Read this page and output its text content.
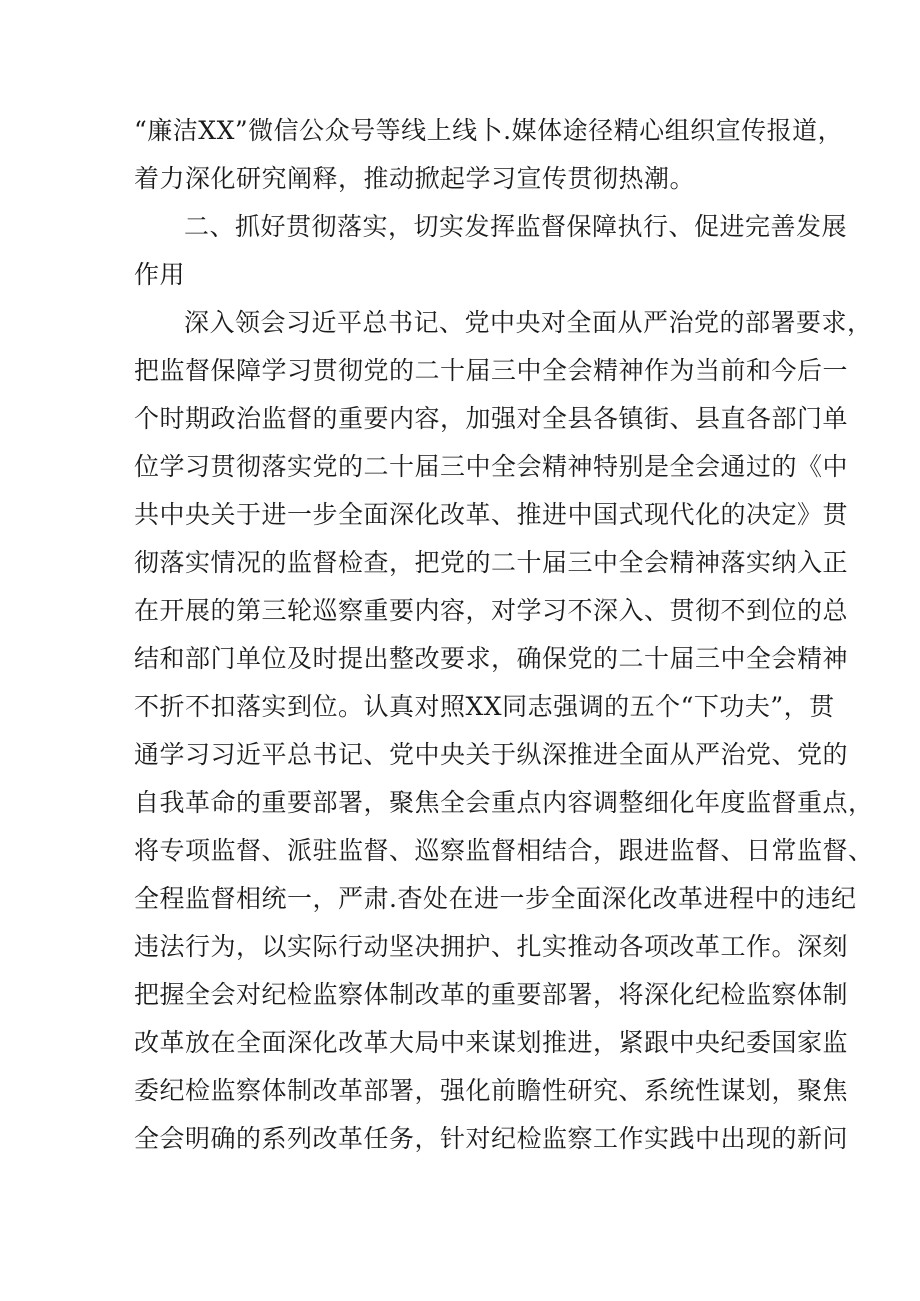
“廉洁XX”微信公众号等线上线卜.媒体途径精心组织宣传报道，
着力深化研究阐释，推动掀起学习宣传贯彻热潮。
二、抓好贯彻落实，切实发挥监督保障执行、促进完善发展
作用
深入领会习近平总书记、党中央对全面从严治党的部署要求，
把监督保障学习贯彻党的二十届三中全会精神作为当前和今后一
个时期政治监督的重要内容，加强对全县各镇街、县直各部门单
位学习贯彻落实党的二十届三中全会精神特别是全会通过的《中
共中央关于进一步全面深化改革、推进中国式现代化的决定》贯
彻落实情况的监督检查，把党的二十届三中全会精神落实纳入正
在开展的第三轮巡察重要内容，对学习不深入、贯彻不到位的总
结和部门单位及时提出整改要求，确保党的二十届三中全会精神
不折不扣落实到位。认真对照XX同志强调的五个“下功夫”，贯
通学习习近平总书记、党中央关于纵深推进全面从严治党、党的
自我革命的重要部署，聚焦全会重点内容调整细化年度监督重点，
将专项监督、派驻监督、巡察监督相结合，跟进监督、日常监督、
全程监督相统一，严肃.杳处在进一步全面深化改革进程中的违纪
违法行为，以实际行动坚决拥护、扎实推动各项改革工作。深刻
把握全会对纪检监察体制改革的重要部署，将深化纪检监察体制
改革放在全面深化改革大局中来谋划推进，紧跟中央纪委国家监
委纪检监察体制改革部署，强化前瞻性研究、系统性谋划，聚焦
全会明确的系列改革任务，针对纪检监察工作实践中出现的新问
